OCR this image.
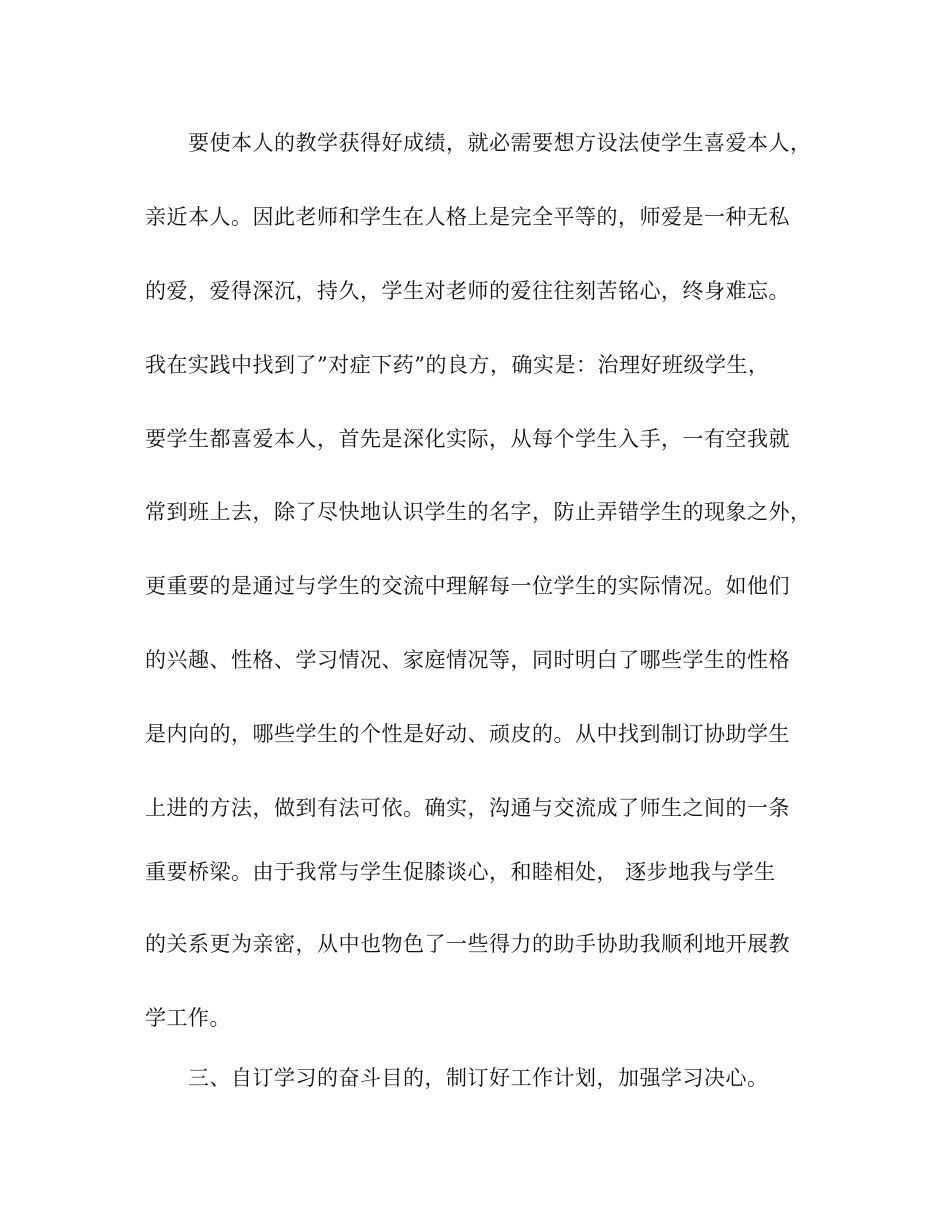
要使本人的教学获得好成绩，就必需要想方设法使学生喜爱本人，
亲近本人。因此老师和学生在人格上是完全平等的，师爱是一种无私
的爱，爱得深沉，持久，学生对老师的爱往往刻苦铭心，终身难忘。
我在实践中找到了”对症下药”的良方，确实是：治理好班级学生，
要学生都喜爱本人，首先是深化实际，从每个学生入手，一有空我就
常到班上去，除了尽快地认识学生的名字，防止弄错学生的现象之外，
更重要的是通过与学生的交流中理解每一位学生的实际情况。如他们
的兴趣、性格、学习情况、家庭情况等，同时明白了哪些学生的性格
是内向的，哪些学生的个性是好动、顽皮的。从中找到制订协助学生
上进的方法，做到有法可依。确实，沟通与交流成了师生之间的一条
重要桥梁。由于我常与学生促膝谈心，和睦相处， 逐步地我与学生
的关系更为亲密，从中也物色了一些得力的助手协助我顺利地开展教
学工作。
三、自订学习的奋斗目的，制订好工作计划，加强学习决心。
